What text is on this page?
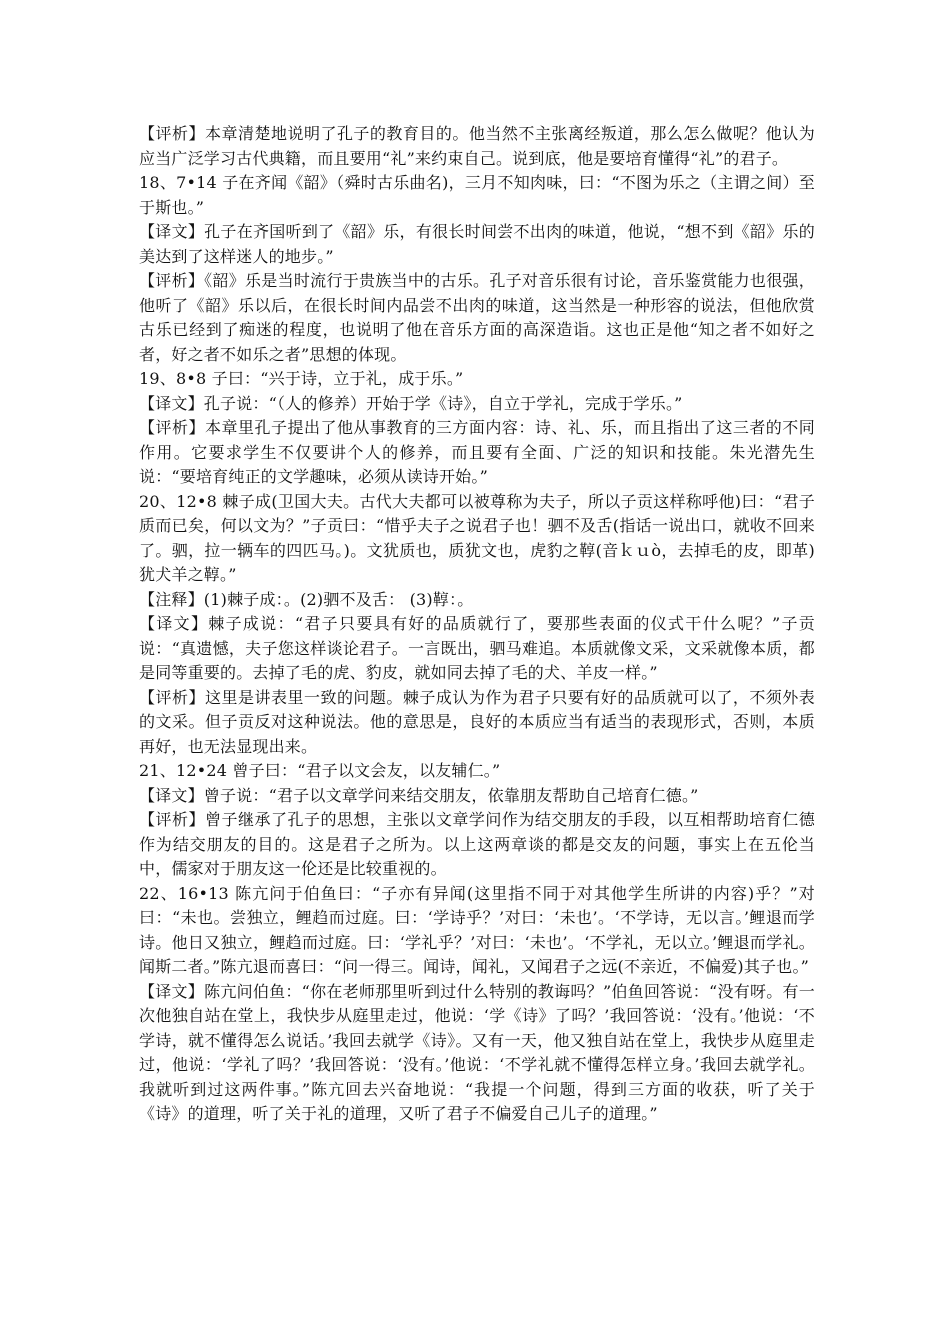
【评析】本章清楚地说明了孔子的教育目的。他当然不主张离经叛道，那么怎么做呢？他认为应当广泛学习古代典籍，而且要用“礼”来约束自己。说到底，他是要培育懂得“礼”的君子。

18、7•14 子在齐闻《韶》（舜时古乐曲名)，三月不知肉味，曰：“不图为乐之（主谓之间）至于斯也。”

【译文】孔子在齐国听到了《韶》乐，有很长时间尝不出肉的味道，他说，“想不到《韶》乐的美达到了这样迷人的地步。”

【评析】《韶》乐是当时流行于贵族当中的古乐。孔子对音乐很有讨论，音乐鉴赏能力也很强，他听了《韶》乐以后，在很长时间内品尝不出肉的味道，这当然是一种形容的说法，但他欣赏古乐已经到了痴迷的程度，也说明了他在音乐方面的高深造诣。这也正是他“知之者不如好之者，好之者不如乐之者”思想的体现。

19、8•8 子曰：“兴于诗，立于礼，成于乐。”

【译文】孔子说：“（人的修养）开始于学《诗》，自立于学礼，完成于学乐。”

【评析】本章里孔子提出了他从事教育的三方面内容：诗、礼、乐，而且指出了这三者的不同作用。它要求学生不仅要讲个人的修养，而且要有全面、广泛的知识和技能。朱光潜先生说：“要培育纯正的文学趣味，必须从读诗开始。”

20、12•8 棘子成(卫国大夫。古代大夫都可以被尊称为夫子，所以子贡这样称呼他)曰：“君子质而已矣，何以文为？”子贡曰：“惜乎夫子之说君子也！驷不及舌(指话一说出口，就收不回来了。驷，拉一辆车的四匹马。)。文犹质也，质犹文也，虎豹之鞟(音ｋｕò，去掉毛的皮，即革)犹犬羊之鞟。”

【注释】(1)棘子成：。(2)驷不及舌： (3)鞟：。

【译文】棘子成说：“君子只要具有好的品质就行了，要那些表面的仪式干什么呢？”子贡说：“真遗憾，夫子您这样谈论君子。一言既出，驷马难追。本质就像文采，文采就像本质，都是同等重要的。去掉了毛的虎、豹皮，就如同去掉了毛的犬、羊皮一样。”

【评析】这里是讲表里一致的问题。棘子成认为作为君子只要有好的品质就可以了，不须外表的文采。但子贡反对这种说法。他的意思是，良好的本质应当有适当的表现形式，否则，本质再好，也无法显现出来。

21、12•24 曾子曰：“君子以文会友，以友辅仁。”

【译文】曾子说：“君子以文章学问来结交朋友，依靠朋友帮助自己培育仁德。”

【评析】曾子继承了孔子的思想，主张以文章学问作为结交朋友的手段，以互相帮助培育仁德作为结交朋友的目的。这是君子之所为。以上这两章谈的都是交友的问题，事实上在五伦当中，儒家对于朋友这一伦还是比较重视的。

22、16•13 陈亢问于伯鱼曰：“子亦有异闻(这里指不同于对其他学生所讲的内容)乎？”对曰：“未也。尝独立，鲤趋而过庭。曰：‘学诗乎？’对曰：‘未也’。‘不学诗，无以言。’鲤退而学诗。他日又独立，鲤趋而过庭。曰：‘学礼乎？’对曰：‘未也’。‘不学礼，无以立。’鲤退而学礼。闻斯二者。”陈亢退而喜曰：“问一得三。闻诗，闻礼，又闻君子之远(不亲近，不偏爱)其子也。”

【译文】陈亢问伯鱼：“你在老师那里听到过什么特别的教诲吗？”伯鱼回答说：“没有呀。有一次他独自站在堂上，我快步从庭里走过，他说：‘学《诗》了吗？’我回答说：‘没有。’他说：‘不学诗，就不懂得怎么说话。’我回去就学《诗》。又有一天，他又独自站在堂上，我快步从庭里走过，他说：‘学礼了吗？’我回答说：‘没有。’他说：‘不学礼就不懂得怎样立身。’我回去就学礼。我就听到过这两件事。”陈亢回去兴奋地说：“我提一个问题，得到三方面的收获，听了关于《诗》的道理，听了关于礼的道理，又听了君子不偏爱自己儿子的道理。”
